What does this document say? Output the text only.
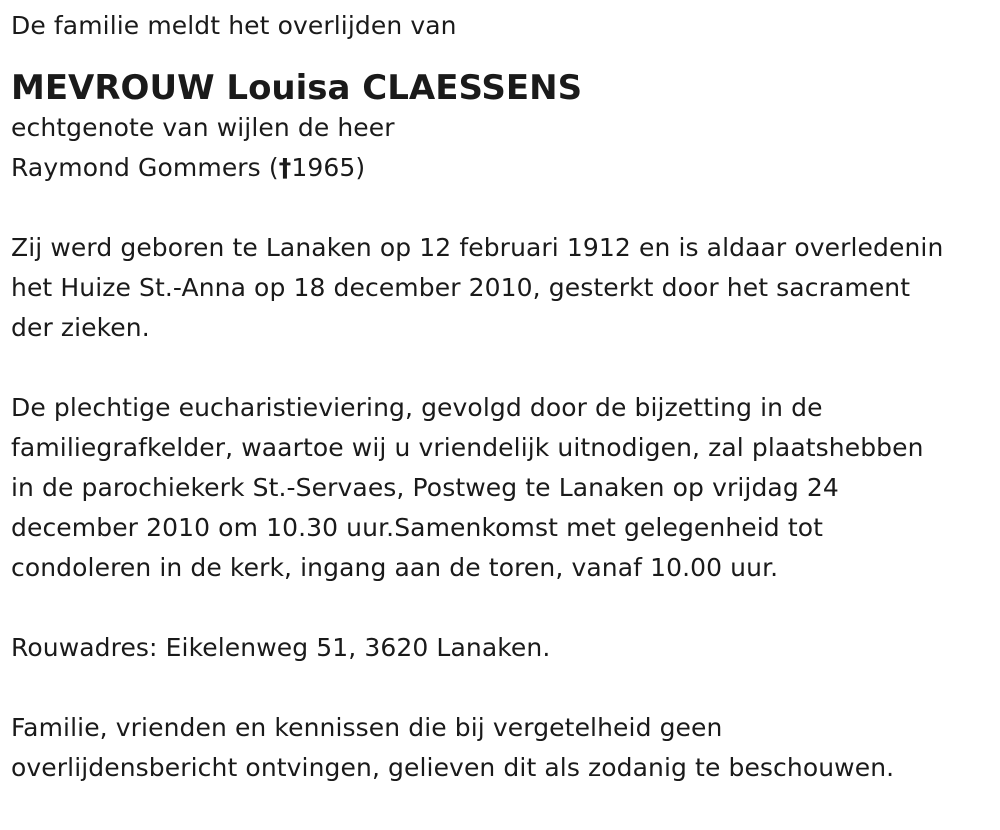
De familie meldt het overlijden van
MEVROUW Louisa CLAESSENS
echtgenote van wijlen de heer
Raymond Gommers (†1965)
Zij werd geboren te Lanaken op 12 februari 1912 en is aldaar overledenin
het Huize St.-Anna op 18 december 2010, gesterkt door het sacrament
der zieken.
De plechtige eucharistieviering, gevolgd door de bijzetting in de
familiegrafkelder, waartoe wij u vriendelijk uitnodigen, zal plaatshebben
in de parochiekerk St.-Servaes, Postweg te Lanaken op vrijdag 24
december 2010 om 10.30 uur.Samenkomst met gelegenheid tot
condoleren in de kerk, ingang aan de toren, vanaf 10.00 uur.
Rouwadres: Eikelenweg 51, 3620 Lanaken.
Familie, vrienden en kennissen die bij vergetelheid geen
overlijdensbericht ontvingen, gelieven dit als zodanig te beschouwen.
